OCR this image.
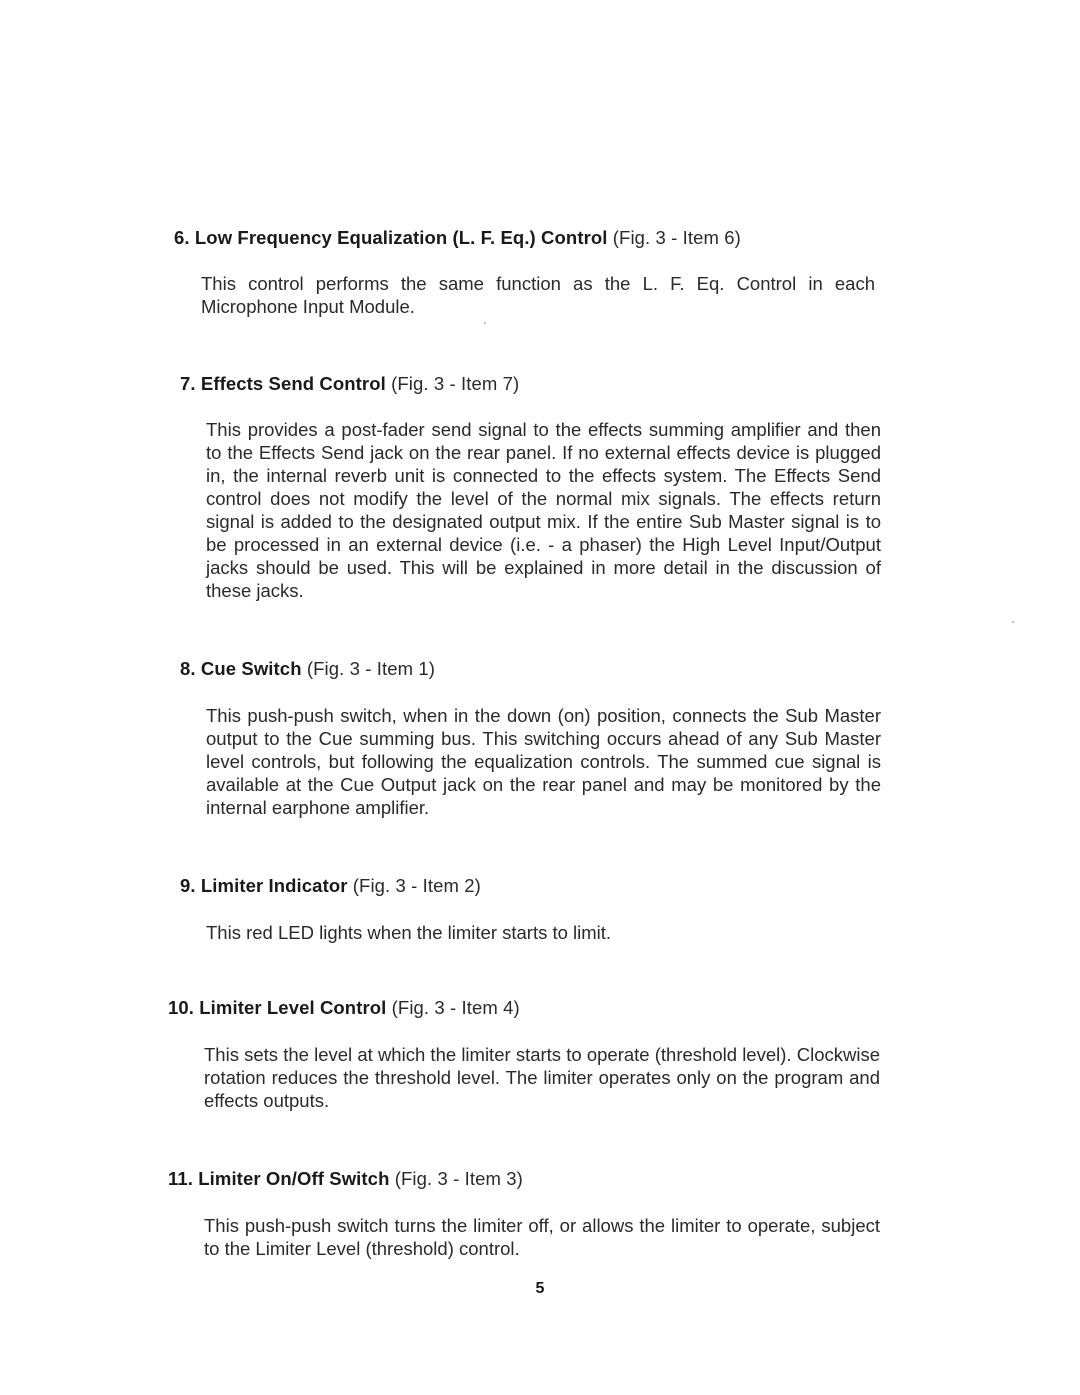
6. Low Frequency Equalization (L. F. Eq.) Control (Fig. 3 - Item 6)

This control performs the same function as the L. F. Eq. Control in each Microphone Input Module.

7. Effects Send Control (Fig. 3 - Item 7)

This provides a post-fader send signal to the effects summing amplifier and then to the Effects Send jack on the rear panel. If no external effects device is plugged in, the internal reverb unit is connected to the effects system. The Effects Send control does not modify the level of the normal mix signals. The effects return signal is added to the designated output mix. If the entire Sub Master signal is to be processed in an external device (i.e. - a phaser) the High Level Input/Output jacks should be used. This will be explained in more detail in the discussion of these jacks.

8. Cue Switch (Fig. 3 - Item 1)

This push-push switch, when in the down (on) position, connects the Sub Master output to the Cue summing bus. This switching occurs ahead of any Sub Master level controls, but following the equalization controls. The summed cue signal is available at the Cue Output jack on the rear panel and may be monitored by the internal earphone amplifier.

9. Limiter Indicator (Fig. 3 - Item 2)

This red LED lights when the limiter starts to limit.

10. Limiter Level Control (Fig. 3 - Item 4)

This sets the level at which the limiter starts to operate (threshold level). Clockwise rotation reduces the threshold level. The limiter operates only on the program and effects outputs.

11. Limiter On/Off Switch (Fig. 3 - Item 3)

This push-push switch turns the limiter off, or allows the limiter to operate, subject to the Limiter Level (threshold) control.

5
